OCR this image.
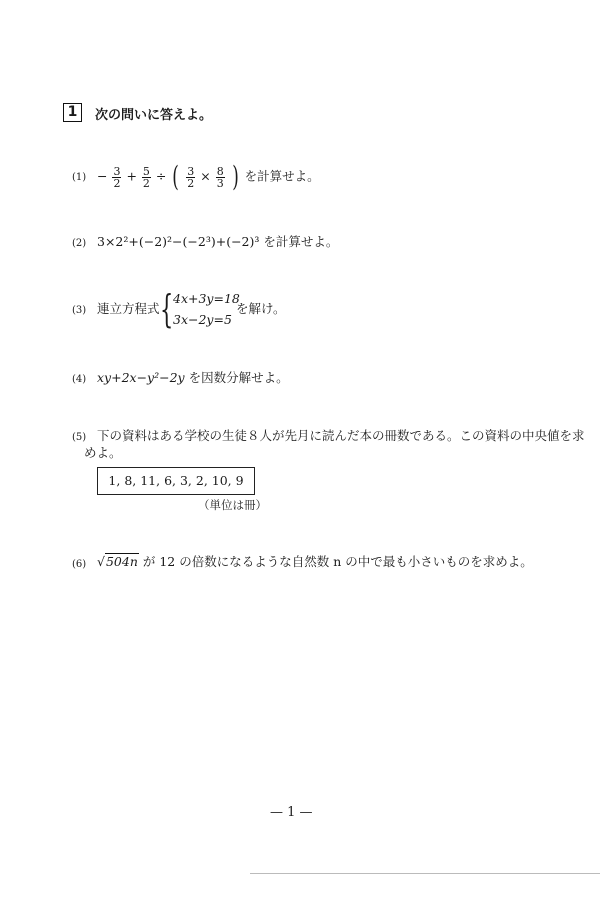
1	次の問いに答えよ。
$(1) - \frac{3}{2} + \frac{5}{2}$ ÷ ( $\frac{3}{2} \times \frac{8}{3}$ ) を計算せよ。
(2) 3×2²+(−2)²−(−2³)+(−2)³ を計算せよ。
(3) 連立方程式 { 4x+3y=18
3x−2y=5
を解け。
(4) xy+2x−y²−2y を因数分解せよ。
(5) 下の資料はある学校の生徒８人が先月に読んだ本の冊数である。この資料の中央値を求
めよ。
1, 8, 11, 6, 3, 2, 10, 9
（単位は冊）
(6) √504n が 12 の倍数になるような自然数 n の中で最も小さいものを求めよ。
— 1 —
